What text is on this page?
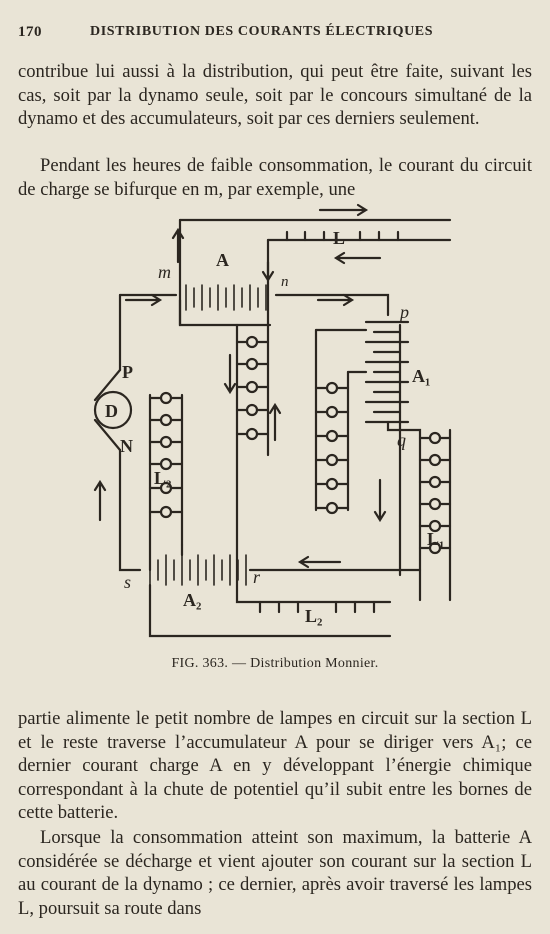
170	DISTRIBUTION DES COURANTS ÉLECTRIQUES

contribue lui aussi à la distribution, qui peut être faite, suivant les cas, soit par la dynamo seule, soit par le concours simultané de la dynamo et des accumulateurs, soit par ces derniers seulement.

Pendant les heures de faible consommation, le courant du circuit de charge se bifurque en m, par exemple, une

m
A
L
n
p
A₁
q
P
D
N
L₂
L₁
s	r
A₂
L₂
FIG. 363. — Distribution Monnier.

partie alimente le petit nombre de lampes en circuit sur la section L et le reste traverse l’accumulateur A pour se diriger vers A₁; ce dernier courant charge A en y développant l’énergie chimique correspondant à la chute de potentiel qu’il subit entre les bornes de cette batterie.

Lorsque la consommation atteint son maximum, la batterie A considérée se décharge et vient ajouter son courant sur la section L au courant de la dynamo ; ce dernier, après avoir traversé les lampes L, poursuit sa route dans
